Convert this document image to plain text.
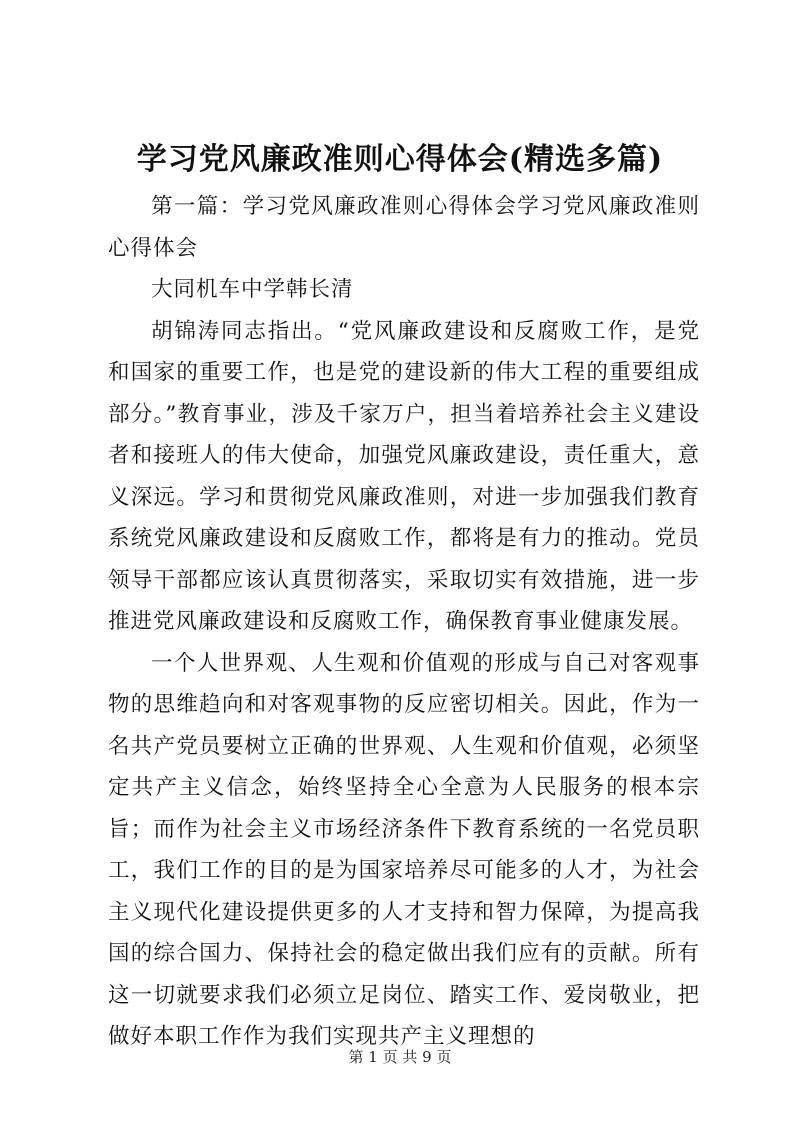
学习党风廉政准则心得体会(精选多篇)

第一篇：学习党风廉政准则心得体会学习党风廉政准则心得体会

大同机车中学韩长清

胡锦涛同志指出。“党风廉政建设和反腐败工作，是党和国家的重要工作，也是党的建设新的伟大工程的重要组成部分。”教育事业，涉及千家万户，担当着培养社会主义建设者和接班人的伟大使命，加强党风廉政建设，责任重大，意义深远。学习和贯彻党风廉政准则，对进一步加强我们教育系统党风廉政建设和反腐败工作，都将是有力的推动。党员领导干部都应该认真贯彻落实，采取切实有效措施，进一步推进党风廉政建设和反腐败工作，确保教育事业健康发展。

一个人世界观、人生观和价值观的形成与自己对客观事物的思维趋向和对客观事物的反应密切相关。因此，作为一名共产党员要树立正确的世界观、人生观和价值观，必须坚定共产主义信念，始终坚持全心全意为人民服务的根本宗旨；而作为社会主义市场经济条件下教育系统的一名党员职工，我们工作的目的是为国家培养尽可能多的人才，为社会主义现代化建设提供更多的人才支持和智力保障，为提高我国的综合国力、保持社会的稳定做出我们应有的贡献。所有这一切就要求我们必须立足岗位、踏实工作、爱岗敬业，把做好本职工作作为我们实现共产主义理想的

第 1 页 共 9 页
